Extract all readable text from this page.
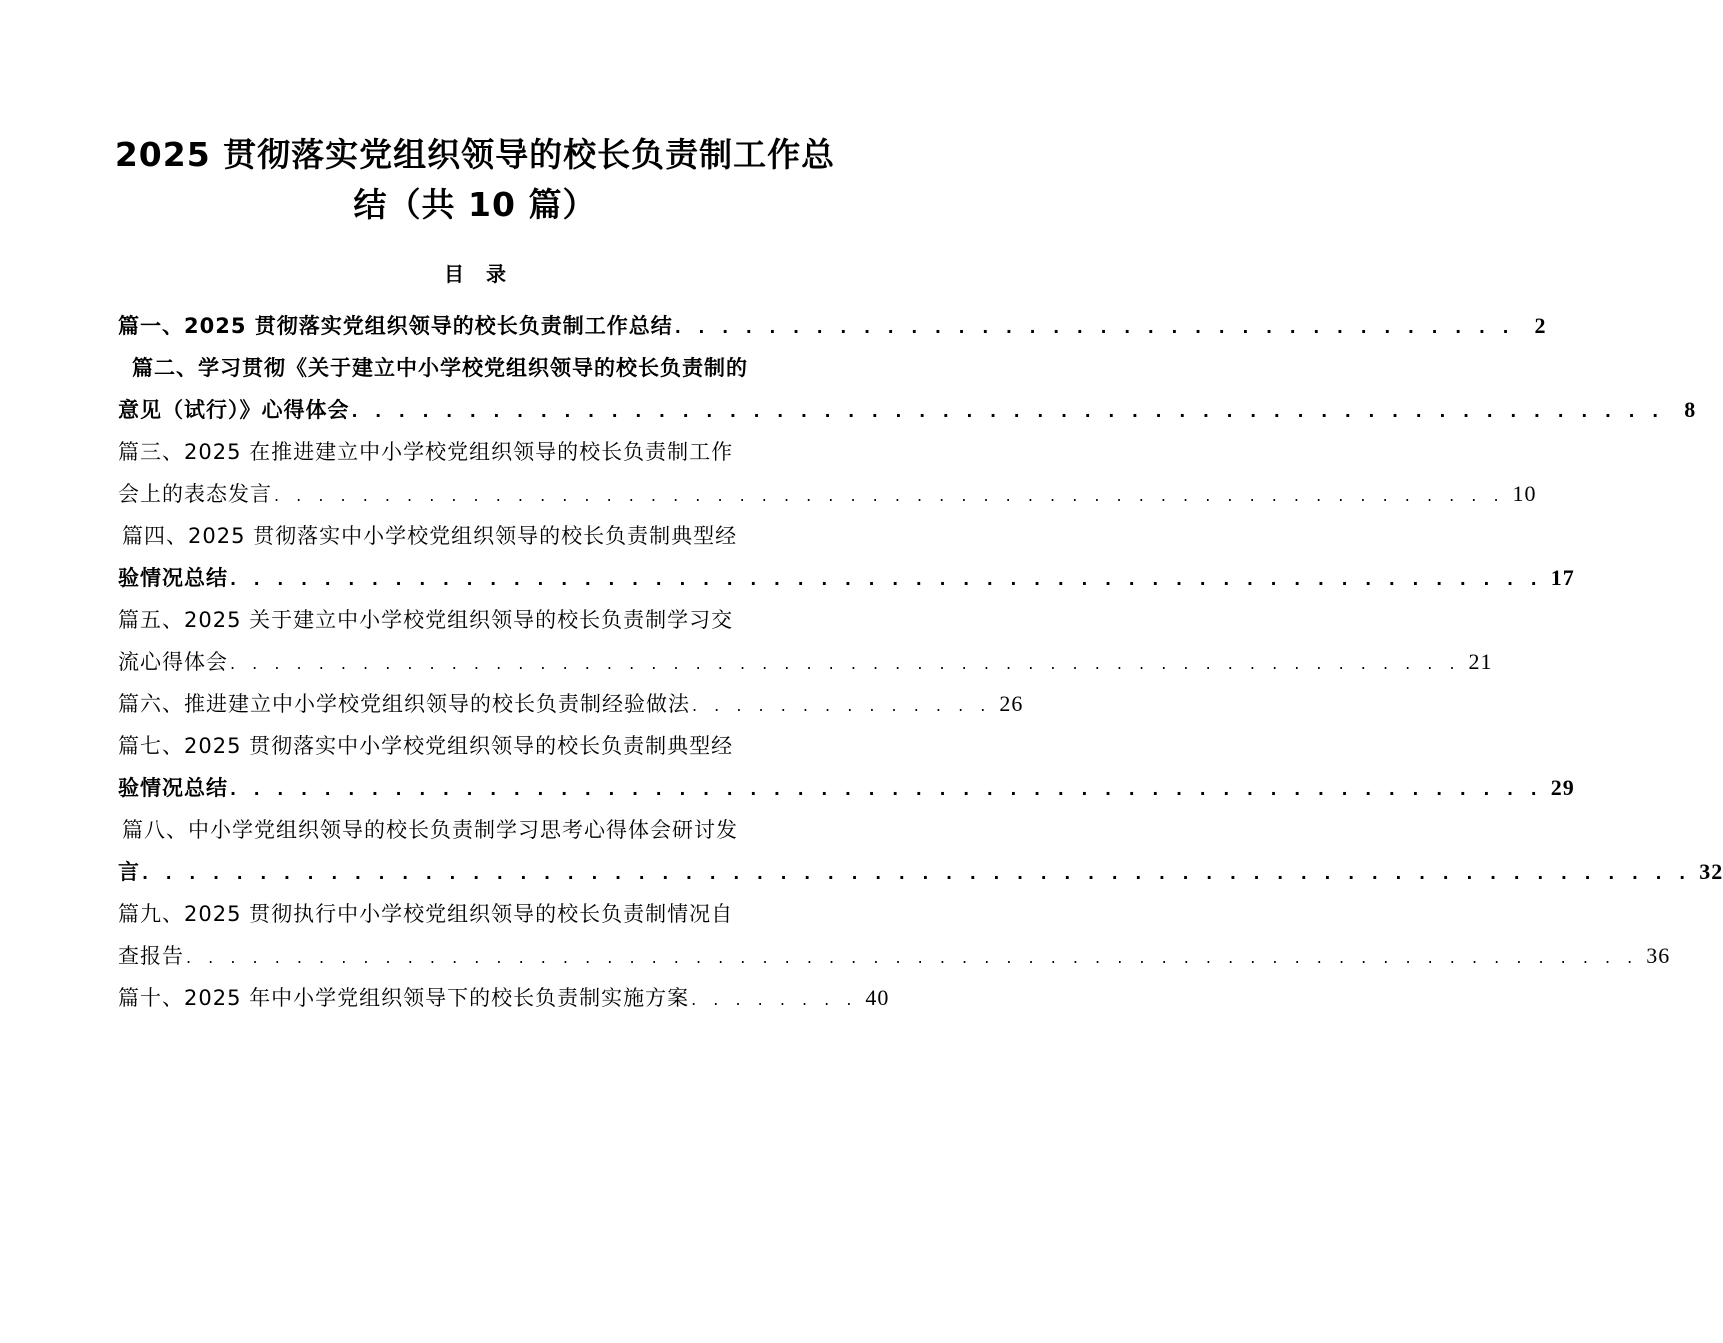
2025 贯彻落实党组织领导的校长负责制工作总
结（共 10 篇）
目录
篇一、2025 贯彻落实党组织领导的校长负责制工作总结 . . . . . . . . . . . . . . . . . . . . . . . . . . . . . . . . . . . . 2
篇二、学习贯彻《关于建立中小学校党组织领导的校长负责制的
意见（试行）》心得体会 . . . . . . . . . . . . . . . . . . . . . . . . . . . . . . . . . . . . . . . . . . . . . . . . . . . . . . . . 8
篇三、2025 在推进建立中小学校党组织领导的校长负责制工作
会上的表态发言 . . . . . . . . . . . . . . . . . . . . . . . . . . . . . . . . . . . . . . . . . . . . . . . . . . . . . . . . 10
篇四、2025 贯彻落实中小学校党组织领导的校长负责制典型经
验情况总结 . . . . . . . . . . . . . . . . . . . . . . . . . . . . . . . . . . . . . . . . . . . . . . . . . . . . . . . . 17
篇五、2025 关于建立中小学校党组织领导的校长负责制学习交
流心得体会 . . . . . . . . . . . . . . . . . . . . . . . . . . . . . . . . . . . . . . . . . . . . . . . . . . . . . . . . 21
篇六、推进建立中小学校党组织领导的校长负责制经验做法 . . . . . . . . . . . . . . 26
篇七、2025 贯彻落实中小学校党组织领导的校长负责制典型经
验情况总结 . . . . . . . . . . . . . . . . . . . . . . . . . . . . . . . . . . . . . . . . . . . . . . . . . . . . . . . . 29
篇八、中小学党组织领导的校长负责制学习思考心得体会研讨发
言 . . . . . . . . . . . . . . . . . . . . . . . . . . . . . . . . . . . . . . . . . . . . . . . . . . . . . . . . . . . . . . . . . . 32
篇九、2025 贯彻执行中小学校党组织领导的校长负责制情况自
查报告 . . . . . . . . . . . . . . . . . . . . . . . . . . . . . . . . . . . . . . . . . . . . . . . . . . . . . . . . . . . . . . . . . . 36
篇十、2025 年中小学党组织领导下的校长负责制实施方案 . . . . . . . . 40
